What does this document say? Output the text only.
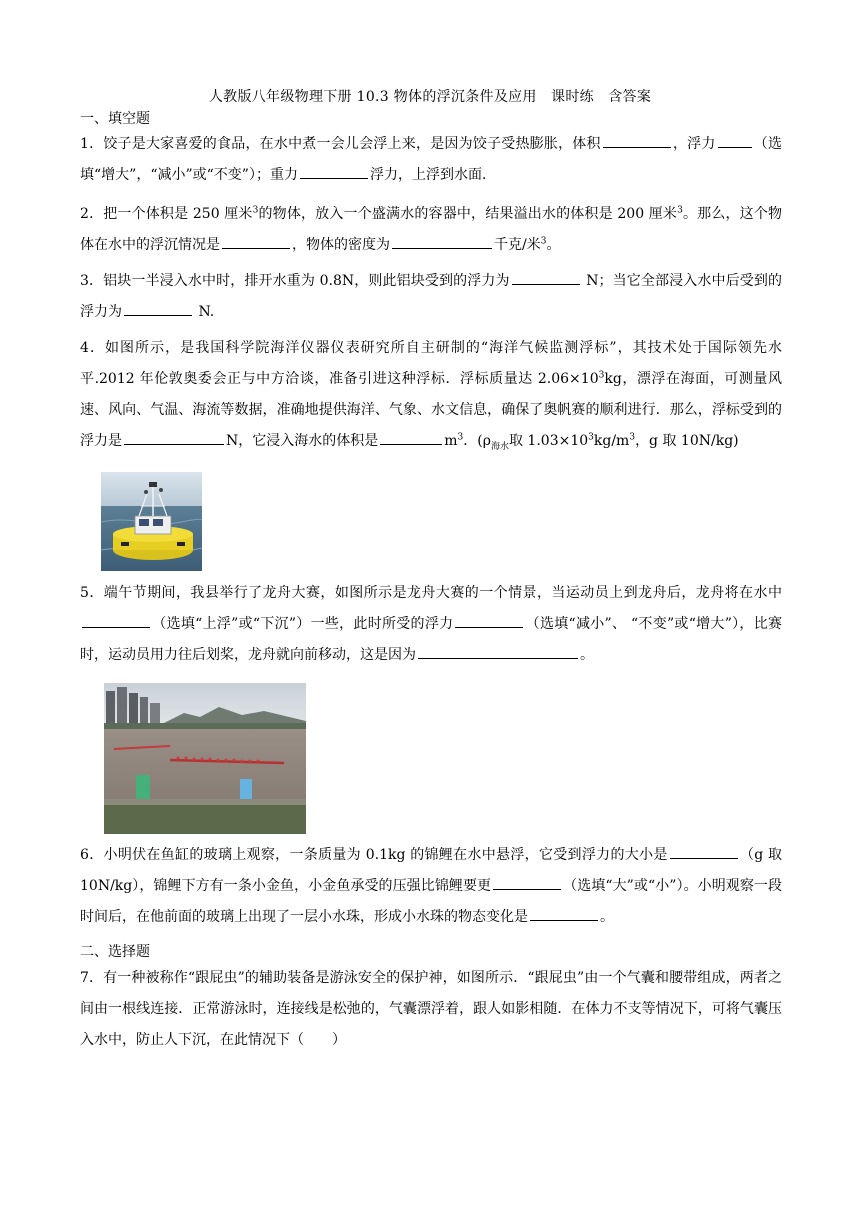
人教版八年级物理下册 10.3 物体的浮沉条件及应用　课时练　含答案
一、填空题
1．饺子是大家喜爱的食品，在水中煮一会儿会浮上来，是因为饺子受热膨胀，体积	，浮力	（选填“增大”，“减小”或“不变”）；重力	浮力，上浮到水面．
2．把一个体积是 250 厘米$^3$的物体，放入一个盛满水的容器中，结果溢出水的体积是 200 厘米$^3$。那么，这个物体在水中的浮沉情况是	，物体的密度为	千克/米$^3$。
3．铝块一半浸入水中时，排开水重为 0.8N，则此铝块受到的浮力为	N；当它全部浸入水中后受到的浮力为	N.
4．如图所示，是我国科学院海洋仪器仪表研究所自主研制的“海洋气候监测浮标”，其技术处于国际领先水平.2012 年伦敦奥委会正与中方洽谈，准备引进这种浮标．浮标质量达 $2.06\times 10^3kg$，漂浮在海面，可测量风速、风向、气温、海流等数据，准确地提供海洋、气象、水文信息，确保了奥帆赛的顺利进行．那么，浮标受到的浮力是	N，它浸入海水的体积是	$m^3$．($\rho_{海水}$取 $1.03\times 10^3kg/m^3$，g 取 10N/kg)
5．端午节期间，我县举行了龙舟大赛，如图所示是龙舟大赛的一个情景，当运动员上到龙舟后，龙舟将在水中（选填“上浮”或“下沉”）一些，此时所受的浮力	（选填“减小”、 “不变”或“增大”），比赛时，运动员用力往后划桨，龙舟就向前移动，这是因为	。
6．小明伏在鱼缸的玻璃上观察，一条质量为 0.1kg 的锦鲤在水中悬浮，它受到浮力的大小是	（g 取 10N/kg），锦鲤下方有一条小金鱼，小金鱼承受的压强比锦鲤要更	（选填“大”或“小”）。小明观察一段时间后，在他前面的玻璃上出现了一层小水珠，形成小水珠的物态变化是	。
二、选择题
7．有一种被称作“跟屁虫”的辅助装备是游泳安全的保护神，如图所示．“跟屁虫”由一个气囊和腰带组成，两者之间由一根线连接．正常游泳时，连接线是松弛的，气囊漂浮着，跟人如影相随．在体力不支等情况下，可将气囊压入水中，防止人下沉，在此情况下（　　）
